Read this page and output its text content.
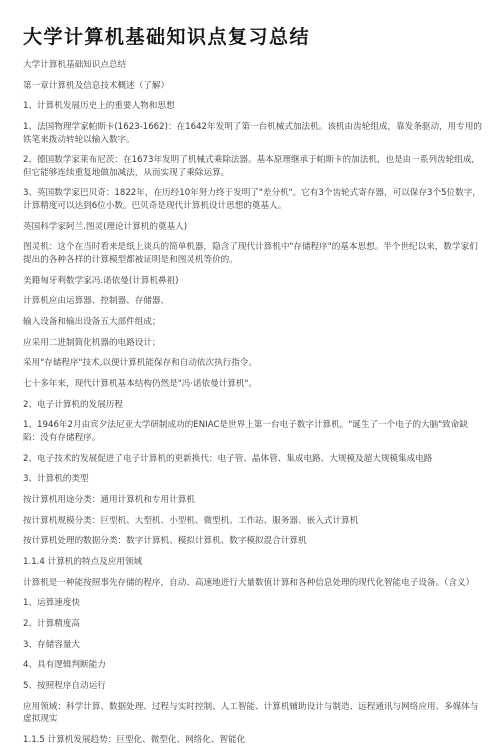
大学计算机基础知识点复习总结

大学计算机基础知识点总结

第一章计算机及信息技术概述（了解）

1、计算机发展历史上的重要人物和思想

1、法国物理学家帕斯卡(1623-1662)：在1642年发明了第一台机械式加法机。该机由齿轮组成，靠发条驱动，用专用的铁笔来拨动转轮以输入数字。

2、德国数学家莱布尼茨：在1673年发明了机械式乘除法器。基本原理继承于帕斯卡的加法机，也是由一系列齿轮组成，但它能够连续重复地做加减法，从而实现了乘除运算。

3、英国数学家巴贝奇：1822年，在历经10年努力终于发明了"差分机"。它有3个齿轮式寄存器，可以保存3个5位数字，计算精度可以达到6位小数。巴贝奇是现代计算机设计思想的奠基人。

英国科学家阿兰.图灵(理论计算机的奠基人)

图灵机：这个在当时看来是纸上谈兵的简单机器，隐含了现代计算机中"存储程序"的基本思想。半个世纪以来，数学家们提出的各种各样的计算模型都被证明是和图灵机等价的。

美籍匈牙利数学家冯.诺依曼(计算机鼻祖)

计算机应由运算器、控制器、存储器、

输入设备和输出设备五大部件组成；

应采用二进制简化机器的电路设计；

采用"存储程序"技术,以便计算机能保存和自动依次执行指令。

七十多年来，现代计算机基本结构仍然是"冯·诺依曼计算机"。

2、电子计算机的发展历程

1、1946年2月由宾夕法尼亚大学研制成功的ENIAC是世界上第一台电子数字计算机。"诞生了一个电子的大脑"致命缺陷：没有存储程序。

2、电子技术的发展促进了电子计算机的更新换代：电子管、晶体管、集成电路、大规模及超大规模集成电路

3、计算机的类型

按计算机用途分类：通用计算机和专用计算机

按计算机规模分类：巨型机、大型机、小型机、微型机、工作站、服务器、嵌入式计算机

按计算机处理的数据分类：数字计算机、模拟计算机、数字模拟混合计算机

1.1.4 计算机的特点及应用领域

计算机是一种能按照事先存储的程序，自动、高速地进行大量数值计算和各种信息处理的现代化智能电子设备。（含义）

1、运算速度快

2、计算精度高

3、存储容量大

4、具有逻辑判断能力

5、按照程序自动运行

应用领域：科学计算、数据处理、过程与实时控制、人工智能、计算机辅助设计与制造、远程通讯与网络应用、多媒体与虚拟现实

1.1.5 计算机发展趋势：巨型化、微型化、网络化、智能化
